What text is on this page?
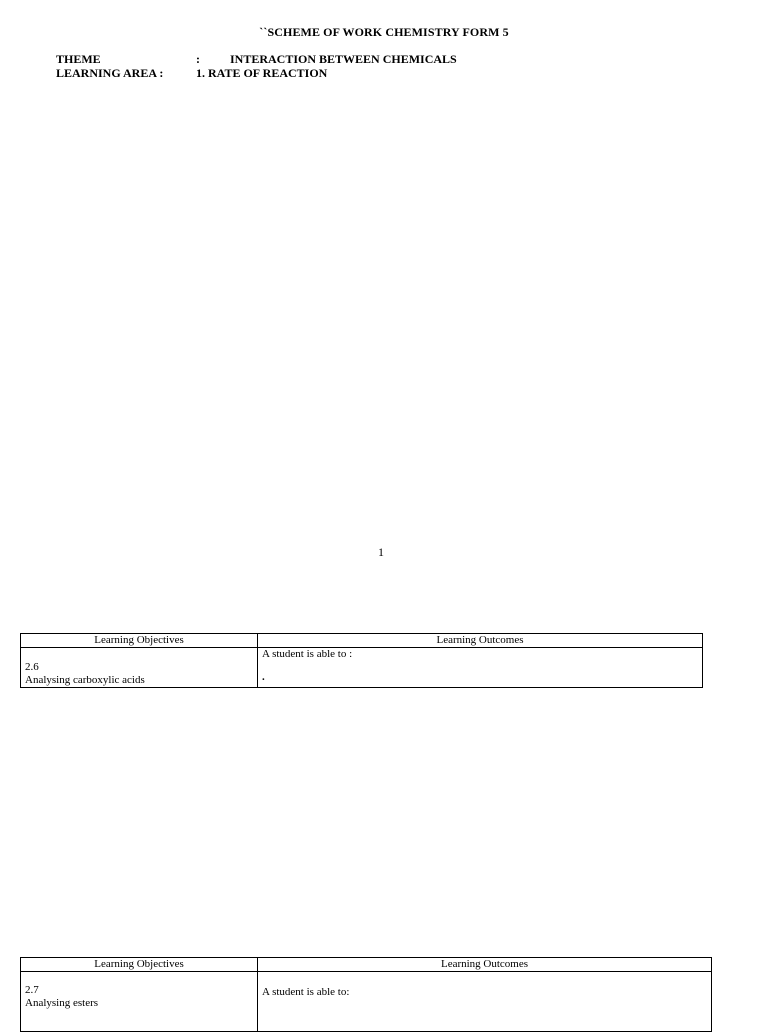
``SCHEME OF WORK CHEMISTRY FORM 5
THEME	:	INTERACTION BETWEEN CHEMICALS
LEARNING AREA :	1. RATE OF REACTION
1
Learning Objectives	Learning Outcomes

2.6
Analysing carboxylic acids	A student is able to :
.
Learning Objectives	Learning Outcomes

2.7
Analysing esters	A student is able to:
